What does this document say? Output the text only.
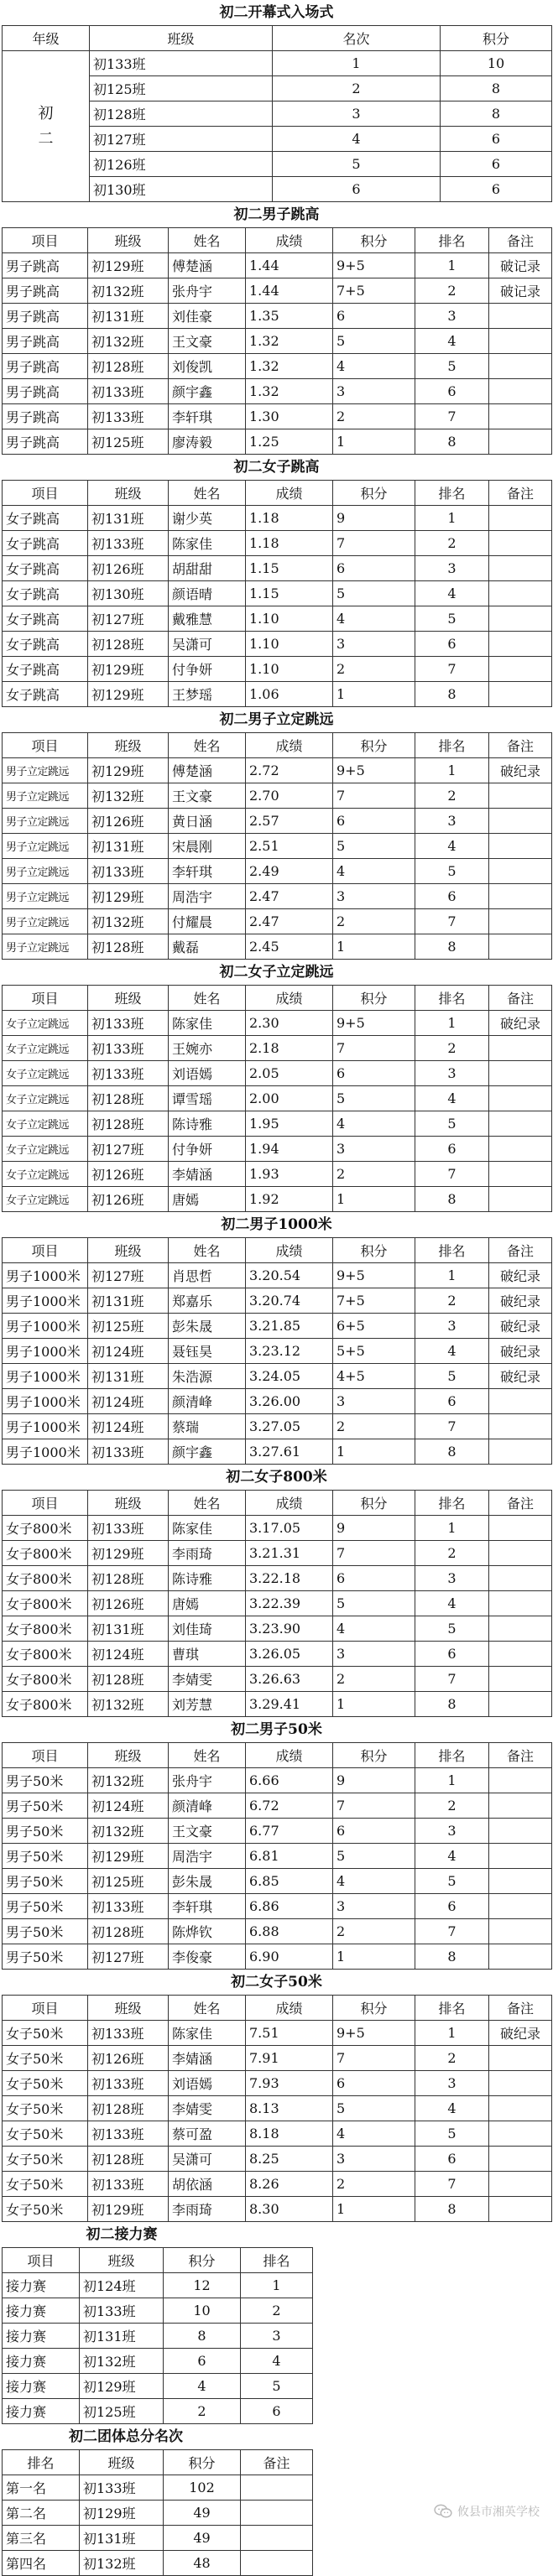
初二开幕式入场式
年级	班级	名次	积分

初
二	初133班	1	10
	初125班	2	8
	初128班	3	8
	初127班	4	6
	初126班	5	6
	初130班	6	6
初二男子跳高
项目	班级	姓名	成绩	积分	排名	备注
男子跳高	初129班	傅楚涵	1.44	9+5	1	破记录
男子跳高	初132班	张舟宇	1.44	7+5	2	破记录
男子跳高	初131班	刘佳豪	1.35	6	3	
男子跳高	初132班	王文豪	1.32	5	4	
男子跳高	初128班	刘俊凯	1.32	4	5	
男子跳高	初133班	颜宇鑫	1.32	3	6	
男子跳高	初133班	李轩琪	1.30	2	7	
男子跳高	初125班	廖涛毅	1.25	1	8	
初二女子跳高
项目	班级	姓名	成绩	积分	排名	备注
女子跳高	初131班	谢少英	1.18	9	1	
女子跳高	初133班	陈家佳	1.18	7	2	
女子跳高	初126班	胡甜甜	1.15	6	3	
女子跳高	初130班	颜语晴	1.15	5	4	
女子跳高	初127班	戴雅慧	1.10	4	5	
女子跳高	初128班	吴潇可	1.10	3	6	
女子跳高	初129班	付争妍	1.10	2	7	
女子跳高	初129班	王梦瑶	1.06	1	8	
初二男子立定跳远
项目	班级	姓名	成绩	积分	排名	备注
男子立定跳远	初129班	傅楚涵	2.72	9+5	1	破纪录
男子立定跳远	初132班	王文豪	2.70	7	2	
男子立定跳远	初126班	黄日涵	2.57	6	3	
男子立定跳远	初131班	宋晨刚	2.51	5	4	
男子立定跳远	初133班	李轩琪	2.49	4	5	
男子立定跳远	初129班	周浩宇	2.47	3	6	
男子立定跳远	初132班	付耀晨	2.47	2	7	
男子立定跳远	初128班	戴磊	2.45	1	8	
初二女子立定跳远
项目	班级	姓名	成绩	积分	排名	备注
女子立定跳远	初133班	陈家佳	2.30	9+5	1	破纪录
女子立定跳远	初133班	王婉亦	2.18	7	2	
女子立定跳远	初133班	刘语嫣	2.05	6	3	
女子立定跳远	初128班	谭雪瑶	2.00	5	4	
女子立定跳远	初128班	陈诗雅	1.95	4	5	
女子立定跳远	初127班	付争妍	1.94	3	6	
女子立定跳远	初126班	李婧涵	1.93	2	7	
女子立定跳远	初126班	唐嫣	1.92	1	8	
初二男子1000米
项目	班级	姓名	成绩	积分	排名	备注
男子1000米	初127班	肖思哲	3.20.54	9+5	1	破纪录
男子1000米	初131班	郑嘉乐	3.20.74	7+5	2	破纪录
男子1000米	初125班	彭朱晟	3.21.85	6+5	3	破纪录
男子1000米	初124班	聂钰昊	3.23.12	5+5	4	破纪录
男子1000米	初131班	朱浩源	3.24.05	4+5	5	破纪录
男子1000米	初124班	颜清峰	3.26.00	3	6	
男子1000米	初124班	蔡瑞	3.27.05	2	7	
男子1000米	初133班	颜宇鑫	3.27.61	1	8	
初二女子800米
项目	班级	姓名	成绩	积分	排名	备注
女子800米	初133班	陈家佳	3.17.05	9	1	
女子800米	初129班	李雨琦	3.21.31	7	2	
女子800米	初128班	陈诗雅	3.22.18	6	3	
女子800米	初126班	唐嫣	3.22.39	5	4	
女子800米	初131班	刘佳琦	3.23.90	4	5	
女子800米	初124班	曹琪	3.26.05	3	6	
女子800米	初128班	李婧雯	3.26.63	2	7	
女子800米	初132班	刘芳慧	3.29.41	1	8	
初二男子50米
项目	班级	姓名	成绩	积分	排名	备注
男子50米	初132班	张舟宇	6.66	9	1	
男子50米	初124班	颜清峰	6.72	7	2	
男子50米	初132班	王文豪	6.77	6	3	
男子50米	初129班	周浩宇	6.81	5	4	
男子50米	初125班	彭朱晟	6.85	4	5	
男子50米	初133班	李轩琪	6.86	3	6	
男子50米	初128班	陈烨钦	6.88	2	7	
男子50米	初127班	李俊豪	6.90	1	8	
初二女子50米
项目	班级	姓名	成绩	积分	排名	备注
女子50米	初133班	陈家佳	7.51	9+5	1	破纪录
女子50米	初126班	李婧涵	7.91	7	2	
女子50米	初133班	刘语嫣	7.93	6	3	
女子50米	初128班	李婧雯	8.13	5	4	
女子50米	初133班	蔡可盈	8.18	4	5	
女子50米	初128班	吴潇可	8.25	3	6	
女子50米	初133班	胡依涵	8.26	2	7	
女子50米	初129班	李雨琦	8.30	1	8	
初二接力赛
项目	班级	积分	排名
接力赛	初124班	12	1
接力赛	初133班	10	2
接力赛	初131班	8	3
接力赛	初132班	6	4
接力赛	初129班	4	5
接力赛	初125班	2	6
初二团体总分名次
排名	班级	积分	备注
第一名	初133班	102	
第二名	初129班	49	
第三名	初131班	49	
第四名	初132班	48	
攸县市湘英学校
